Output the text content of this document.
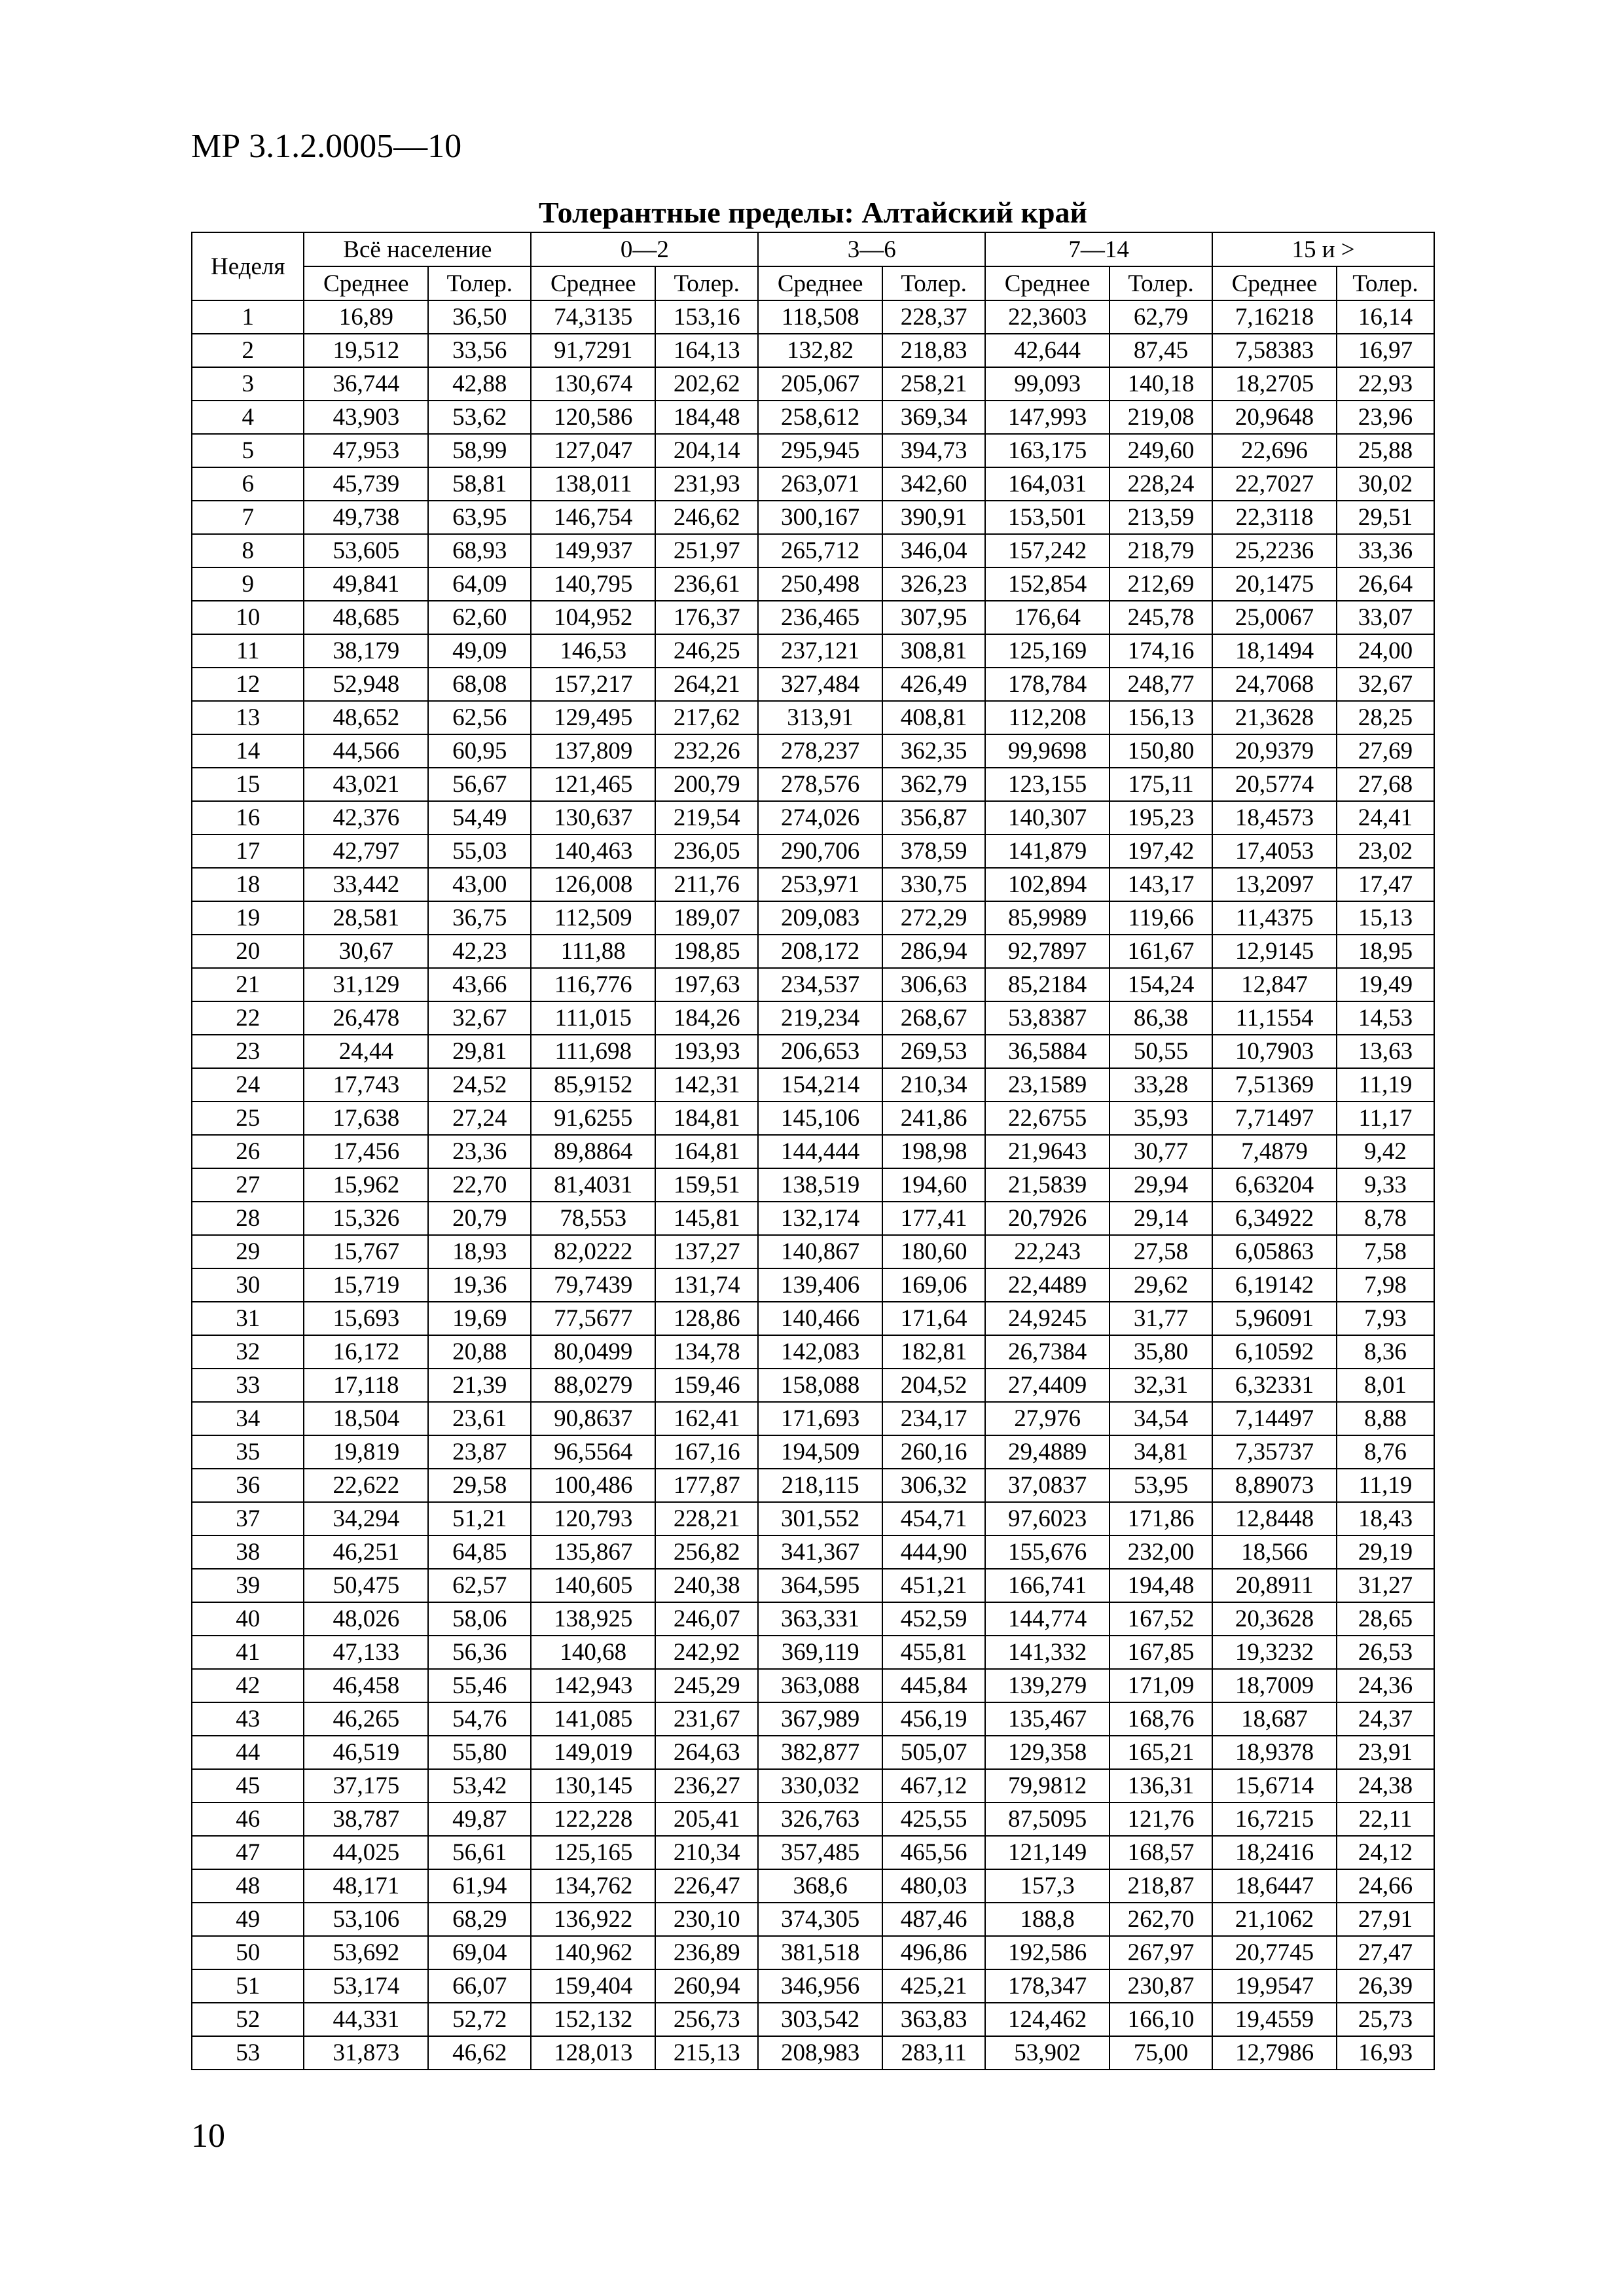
МР 3.1.2.0005—10
Толерантные пределы: Алтайский край
Неделя	Всё население		0—2		3—6		7—14		15 и >	
	Среднее	Толер.	Среднее	Толер.	Среднее	Толер.	Среднее	Толер.	Среднее	Толер.
1	16,89	36,50	74,3135	153,16	118,508	228,37	22,3603	62,79	7,16218	16,14
2	19,512	33,56	91,7291	164,13	132,82	218,83	42,644	87,45	7,58383	16,97
3	36,744	42,88	130,674	202,62	205,067	258,21	99,093	140,18	18,2705	22,93
4	43,903	53,62	120,586	184,48	258,612	369,34	147,993	219,08	20,9648	23,96
5	47,953	58,99	127,047	204,14	295,945	394,73	163,175	249,60	22,696	25,88
6	45,739	58,81	138,011	231,93	263,071	342,60	164,031	228,24	22,7027	30,02
7	49,738	63,95	146,754	246,62	300,167	390,91	153,501	213,59	22,3118	29,51
8	53,605	68,93	149,937	251,97	265,712	346,04	157,242	218,79	25,2236	33,36
9	49,841	64,09	140,795	236,61	250,498	326,23	152,854	212,69	20,1475	26,64
10	48,685	62,60	104,952	176,37	236,465	307,95	176,64	245,78	25,0067	33,07
11	38,179	49,09	146,53	246,25	237,121	308,81	125,169	174,16	18,1494	24,00
12	52,948	68,08	157,217	264,21	327,484	426,49	178,784	248,77	24,7068	32,67
13	48,652	62,56	129,495	217,62	313,91	408,81	112,208	156,13	21,3628	28,25
14	44,566	60,95	137,809	232,26	278,237	362,35	99,9698	150,80	20,9379	27,69
15	43,021	56,67	121,465	200,79	278,576	362,79	123,155	175,11	20,5774	27,68
16	42,376	54,49	130,637	219,54	274,026	356,87	140,307	195,23	18,4573	24,41
17	42,797	55,03	140,463	236,05	290,706	378,59	141,879	197,42	17,4053	23,02
18	33,442	43,00	126,008	211,76	253,971	330,75	102,894	143,17	13,2097	17,47
19	28,581	36,75	112,509	189,07	209,083	272,29	85,9989	119,66	11,4375	15,13
20	30,67	42,23	111,88	198,85	208,172	286,94	92,7897	161,67	12,9145	18,95
21	31,129	43,66	116,776	197,63	234,537	306,63	85,2184	154,24	12,847	19,49
22	26,478	32,67	111,015	184,26	219,234	268,67	53,8387	86,38	11,1554	14,53
23	24,44	29,81	111,698	193,93	206,653	269,53	36,5884	50,55	10,7903	13,63
24	17,743	24,52	85,9152	142,31	154,214	210,34	23,1589	33,28	7,51369	11,19
25	17,638	27,24	91,6255	184,81	145,106	241,86	22,6755	35,93	7,71497	11,17
26	17,456	23,36	89,8864	164,81	144,444	198,98	21,9643	30,77	7,4879	9,42
27	15,962	22,70	81,4031	159,51	138,519	194,60	21,5839	29,94	6,63204	9,33
28	15,326	20,79	78,553	145,81	132,174	177,41	20,7926	29,14	6,34922	8,78
29	15,767	18,93	82,0222	137,27	140,867	180,60	22,243	27,58	6,05863	7,58
30	15,719	19,36	79,7439	131,74	139,406	169,06	22,4489	29,62	6,19142	7,98
31	15,693	19,69	77,5677	128,86	140,466	171,64	24,9245	31,77	5,96091	7,93
32	16,172	20,88	80,0499	134,78	142,083	182,81	26,7384	35,80	6,10592	8,36
33	17,118	21,39	88,0279	159,46	158,088	204,52	27,4409	32,31	6,32331	8,01
34	18,504	23,61	90,8637	162,41	171,693	234,17	27,976	34,54	7,14497	8,88
35	19,819	23,87	96,5564	167,16	194,509	260,16	29,4889	34,81	7,35737	8,76
36	22,622	29,58	100,486	177,87	218,115	306,32	37,0837	53,95	8,89073	11,19
37	34,294	51,21	120,793	228,21	301,552	454,71	97,6023	171,86	12,8448	18,43
38	46,251	64,85	135,867	256,82	341,367	444,90	155,676	232,00	18,566	29,19
39	50,475	62,57	140,605	240,38	364,595	451,21	166,741	194,48	20,8911	31,27
40	48,026	58,06	138,925	246,07	363,331	452,59	144,774	167,52	20,3628	28,65
41	47,133	56,36	140,68	242,92	369,119	455,81	141,332	167,85	19,3232	26,53
42	46,458	55,46	142,943	245,29	363,088	445,84	139,279	171,09	18,7009	24,36
43	46,265	54,76	141,085	231,67	367,989	456,19	135,467	168,76	18,687	24,37
44	46,519	55,80	149,019	264,63	382,877	505,07	129,358	165,21	18,9378	23,91
45	37,175	53,42	130,145	236,27	330,032	467,12	79,9812	136,31	15,6714	24,38
46	38,787	49,87	122,228	205,41	326,763	425,55	87,5095	121,76	16,7215	22,11
47	44,025	56,61	125,165	210,34	357,485	465,56	121,149	168,57	18,2416	24,12
48	48,171	61,94	134,762	226,47	368,6	480,03	157,3	218,87	18,6447	24,66
49	53,106	68,29	136,922	230,10	374,305	487,46	188,8	262,70	21,1062	27,91
50	53,692	69,04	140,962	236,89	381,518	496,86	192,586	267,97	20,7745	27,47
51	53,174	66,07	159,404	260,94	346,956	425,21	178,347	230,87	19,9547	26,39
52	44,331	52,72	152,132	256,73	303,542	363,83	124,462	166,10	19,4559	25,73
53	31,873	46,62	128,013	215,13	208,983	283,11	53,902	75,00	12,7986	16,93
10
